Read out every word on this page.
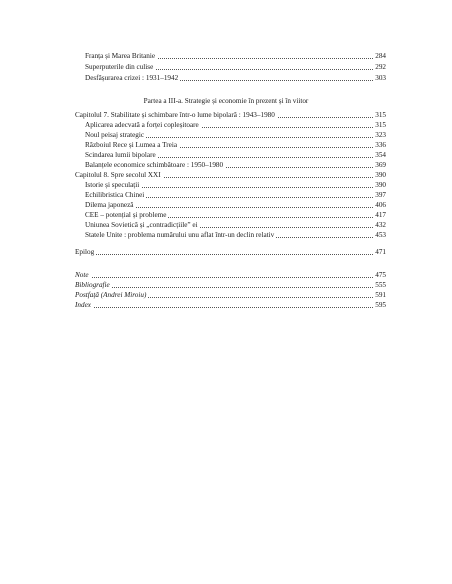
Franța și Marea Britanie	284
Superputerile din culise	292
Desfășurarea crizei : 1931–1942	303
Partea a III-a. Strategie și economie în prezent și în viitor
Capitolul 7. Stabilitate și schimbare într-o lume bipolară : 1943–1980	315
Aplicarea adecvată a forței copleșitoare	315
Noul peisaj strategic	323
Războiul Rece și Lumea a Treia	336
Scindarea lumii bipolare	354
Balanțele economice schimbătoare : 1950–1980	369
Capitolul 8. Spre secolul XXI	390
Istorie și speculații	390
Echilibristica Chinei	397
Dilema japoneză	406
CEE – potențial și probleme	417
Uniunea Sovietică și „contradicțiile” ei	432
Statele Unite : problema numărului unu aflat într-un declin relativ	453
Epilog	471
Note	475
Bibliografie	555
Postfață (Andrei Miroiu)	591
Index	595
